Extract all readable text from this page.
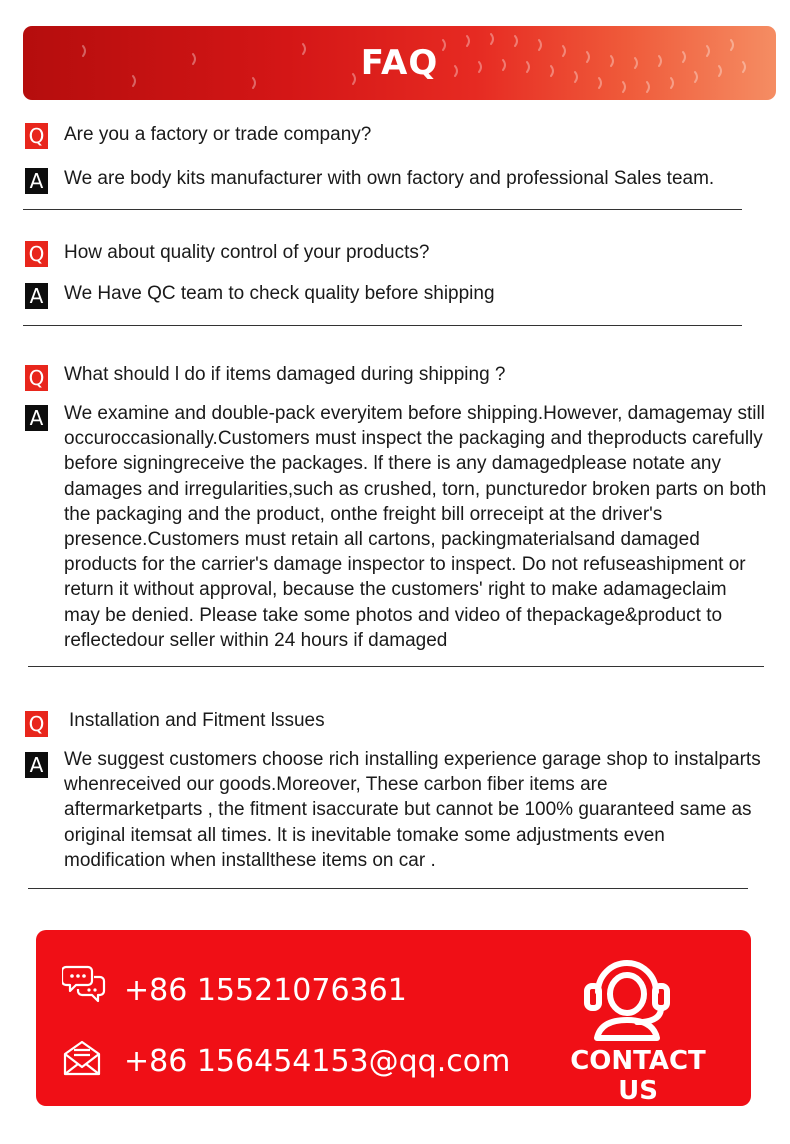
FAQ
Q Are you a factory or trade company?
A We are body kits manufacturer with own factory and professional Sales team.
Q How about quality control of your products?
A We Have QC team to check quality before shipping
Q What should l do if items damaged during shipping ?
A We examine and double-pack everyitem before shipping.However, damagemay still
occuroccasionally.Customers must inspect the packaging and theproducts carefully
before signingreceive the packages. lf there is any damagedplease notate any
damages and irregularities,such as crushed, torn, puncturedor broken parts on both
the packaging and the product, onthe freight bill orreceipt at the driver's
presence.Customers must retain all cartons, packingmaterialsand damaged
products for the carrier's damage inspector to inspect. Do not refuseashipment or
return it without approval, because the customers' right to make adamageclaim
may be denied. Please take some photos and video of thepackage&product to
reflectedour seller within 24 hours if damaged
Q Installation and Fitment lssues
A We suggest customers choose rich installing experience garage shop to instalparts
whenreceived our goods.Moreover, These carbon fiber items are
aftermarketparts , the fitment isaccurate but cannot be 100% guaranteed same as
original itemsat all times. lt is inevitable tomake some adjustments even
modification when installthese items on car .
+86 15521076361
+86 156454153@qq.com	CONTACT US
